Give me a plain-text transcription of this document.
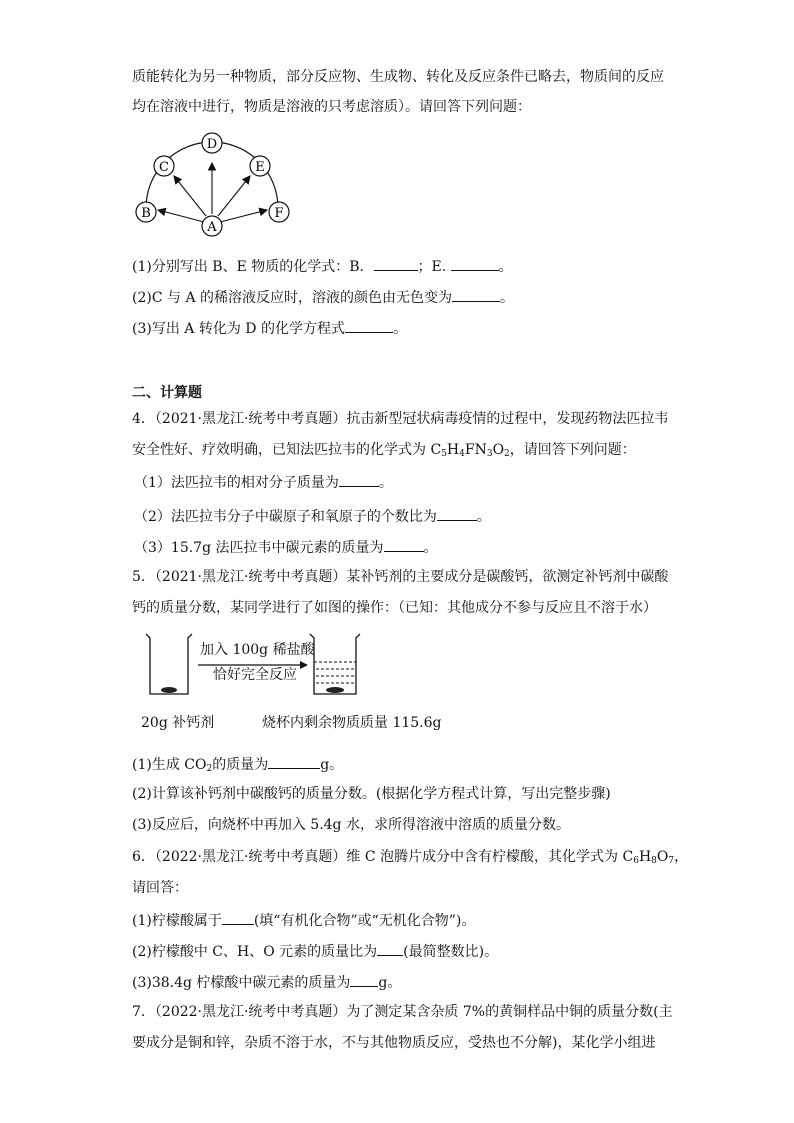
质能转化为另一种物质，部分反应物、生成物、转化及反应条件已略去，物质间的反应
均在溶液中进行，物质是溶液的只考虑溶质）。请回答下列问题：
B
C
D
E
F
A
(1)分别写出 B、E 物质的化学式：B．	；E.	。
(2)C 与 A 的稀溶液反应时，溶液的颜色由无色变为	。
(3)写出 A 转化为 D 的化学方程式	。
二、计算题
4．（2021·黑龙江·统考中考真题）抗击新型冠状病毒疫情的过程中，发现药物法匹拉韦
安全性好、疗效明确，已知法匹拉韦的化学式为 $C_5H_4FN_3O_2$，请回答下列问题：
（1）法匹拉韦的相对分子质量为	。
（2）法匹拉韦分子中碳原子和氧原子的个数比为	。
（3）15.7g 法匹拉韦中碳元素的质量为	。
5．（2021·黑龙江·统考中考真题）某补钙剂的主要成分是碳酸钙，欲测定补钙剂中碳酸
钙的质量分数，某同学进行了如图的操作：（已知：其他成分不参与反应且不溶于水）
加入 100g 稀盐酸
恰好完全反应
20g 补钙剂	烧杯内剩余物质质量 115.6g
(1)生成 $CO_2$的质量为	g。
(2)计算该补钙剂中碳酸钙的质量分数。(根据化学方程式计算，写出完整步骤)
(3)反应后，向烧杯中再加入 5.4g 水，求所得溶液中溶质的质量分数。
6．（2022·黑龙江·统考中考真题）维 C 泡腾片成分中含有柠檬酸，其化学式为 $C_6H_8O_7$，
请回答：
(1)柠檬酸属于 (填“有机化合物”或“无机化合物”)。
(2)柠檬酸中 C、H、O 元素的质量比为 (最简整数比)。
(3)38.4g 柠檬酸中碳元素的质量为 g。
7．（2022·黑龙江·统考中考真题）为了测定某含杂质 7%的黄铜样品中铜的质量分数(主
要成分是铜和锌，杂质不溶于水，不与其他物质反应，受热也不分解)，某化学小组进
